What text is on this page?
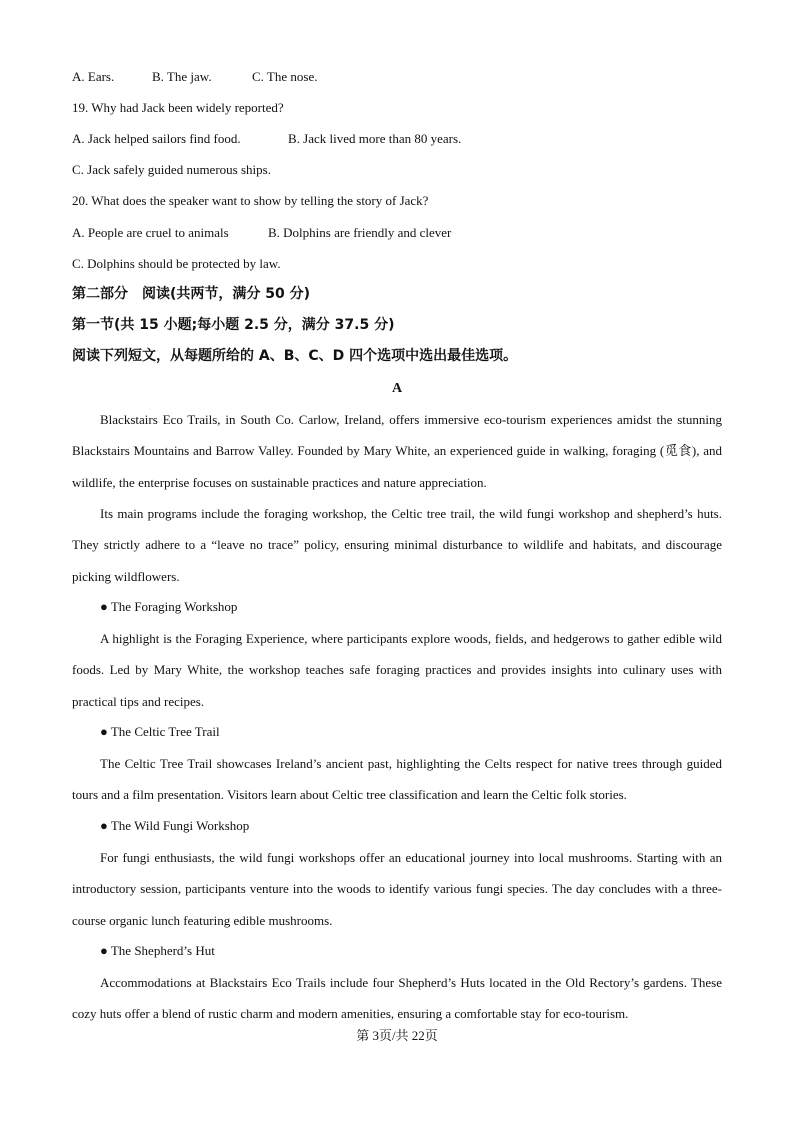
A. Ears.	B. The jaw.	C. The nose.
19. Why had Jack been widely reported?
A. Jack helped sailors find food.	B. Jack lived more than 80 years.
C. Jack safely guided numerous ships.
20. What does the speaker want to show by telling the story of Jack?
A. People are cruel to animals	B. Dolphins are friendly and clever
C. Dolphins should be protected by law.
第二部分　阅读(共两节，满分 50 分)
第一节(共 15 小题;每小题 2.5 分，满分 37.5 分)
阅读下列短文，从每题所给的 A、B、C、D 四个选项中选出最佳选项。
A

Blackstairs Eco Trails, in South Co. Carlow, Ireland, offers immersive eco-tourism experiences amidst the stunning Blackstairs Mountains and Barrow Valley. Founded by Mary White, an experienced guide in walking, foraging (觅食), and wildlife, the enterprise focuses on sustainable practices and nature appreciation.

Its main programs include the foraging workshop, the Celtic tree trail, the wild fungi workshop and shepherd’s huts. They strictly adhere to a “leave no trace” policy, ensuring minimal disturbance to wildlife and habitats, and discourage picking wildflowers.

● The Foraging Workshop

A highlight is the Foraging Experience, where participants explore woods, fields, and hedgerows to gather edible wild foods. Led by Mary White, the workshop teaches safe foraging practices and provides insights into culinary uses with practical tips and recipes.

● The Celtic Tree Trail

The Celtic Tree Trail showcases Ireland’s ancient past, highlighting the Celts respect for native trees through guided tours and a film presentation. Visitors learn about Celtic tree classification and learn the Celtic folk stories.

● The Wild Fungi Workshop

For fungi enthusiasts, the wild fungi workshops offer an educational journey into local mushrooms. Starting with an introductory session, participants venture into the woods to identify various fungi species. The day concludes with a three-course organic lunch featuring edible mushrooms.

● The Shepherd’s Hut

Accommodations at Blackstairs Eco Trails include four Shepherd’s Huts located in the Old Rectory’s gardens. These cozy huts offer a blend of rustic charm and modern amenities, ensuring a comfortable stay for eco-tourism.

第 3页/共 22页
